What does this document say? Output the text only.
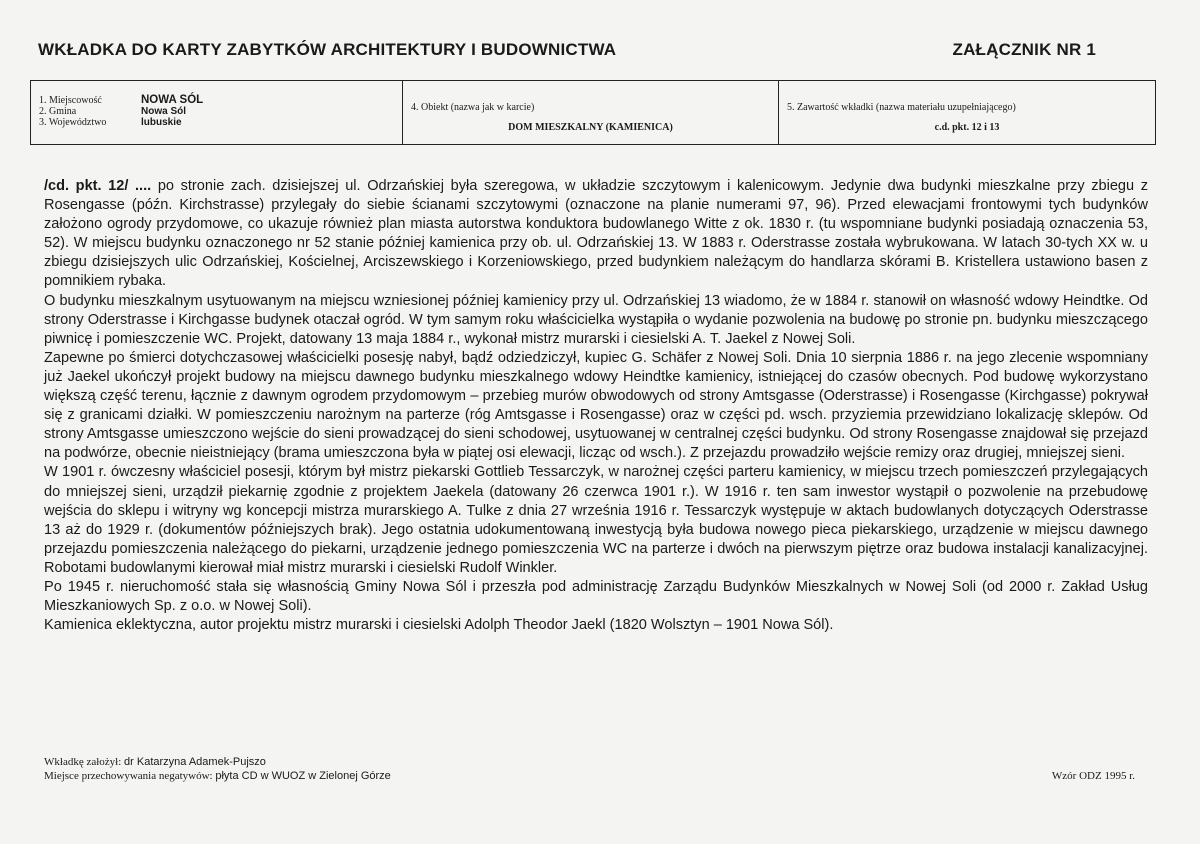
WKŁADKA DO KARTY ZABYTKÓW ARCHITEKTURY I BUDOWNICTWA	ZAŁĄCZNIK NR 1
1. Miejscowość	NOWA SÓL
2. Gmina	Nowa Sól
3. Województwo	lubuskie
4. Obiekt (nazwa jak w karcie)
DOM MIESZKALNY (KAMIENICA)
5. Zawartość wkładki (nazwa materiału uzupełniającego)
c.d. pkt. 12 i 13

/cd. pkt. 12/ .... po stronie zach. dzisiejszej ul. Odrzańskiej była szeregowa, w układzie szczytowym i kalenicowym. Jedynie dwa budynki mieszkalne przy zbiegu z Rosengasse (późn. Kirchstrasse) przylegały do siebie ścianami szczytowymi (oznaczone na planie numerami 97, 96). Przed elewacjami frontowymi tych budynków założono ogrody przydomowe, co ukazuje również plan miasta autorstwa konduktora budowlanego Witte z ok. 1830 r. (tu wspomniane budynki posiadają oznaczenia 53, 52). W miejscu budynku oznaczonego nr 52 stanie później kamienica przy ob. ul. Odrzańskiej 13. W 1883 r. Oderstrasse została wybrukowana. W latach 30-tych XX w. u zbiegu dzisiejszych ulic Odrzańskiej, Kościelnej, Arciszewskiego i Korzeniowskiego, przed budynkiem należącym do handlarza skórami B. Kristellera ustawiono basen z pomnikiem rybaka.

O budynku mieszkalnym usytuowanym na miejscu wzniesionej później kamienicy przy ul. Odrzańskiej 13 wiadomo, że w 1884 r. stanowił on własność wdowy Heindtke. Od strony Oderstrasse i Kirchgasse budynek otaczał ogród. W tym samym roku właścicielka wystąpiła o wydanie pozwolenia na budowę po stronie pn. budynku mieszczącego piwnicę i pomieszczenie WC. Projekt, datowany 13 maja 1884 r., wykonał mistrz murarski i ciesielski A. T. Jaekel z Nowej Soli.

Zapewne po śmierci dotychczasowej właścicielki posesję nabył, bądź odziedziczył, kupiec G. Schäfer z Nowej Soli. Dnia 10 sierpnia 1886 r. na jego zlecenie wspomniany już Jaekel ukończył projekt budowy na miejscu dawnego budynku mieszkalnego wdowy Heindtke kamienicy, istniejącej do czasów obecnych. Pod budowę wykorzystano większą część terenu, łącznie z dawnym ogrodem przydomowym – przebieg murów obwodowych od strony Amtsgasse (Oderstrasse) i Rosengasse (Kirchgasse) pokrywał się z granicami działki. W pomieszczeniu narożnym na parterze (róg Amtsgasse i Rosengasse) oraz w części pd. wsch. przyziemia przewidziano lokalizację sklepów. Od strony Amtsgasse umieszczono wejście do sieni prowadzącej do sieni schodowej, usytuowanej w centralnej części budynku. Od strony Rosengasse znajdował się przejazd na podwórze, obecnie nieistniejący (brama umieszczona była w piątej osi elewacji, licząc od wsch.). Z przejazdu prowadziło wejście remizy oraz drugiej, mniejszej sieni.

W 1901 r. ówczesny właściciel posesji, którym był mistrz piekarski Gottlieb Tessarczyk, w narożnej części parteru kamienicy, w miejscu trzech pomieszczeń przylegających do mniejszej sieni, urządził piekarnię zgodnie z projektem Jaekela (datowany 26 czerwca 1901 r.). W 1916 r. ten sam inwestor wystąpił o pozwolenie na przebudowę wejścia do sklepu i witryny wg koncepcji mistrza murarskiego A. Tulke z dnia 27 września 1916 r. Tessarczyk występuje w aktach budowlanych dotyczących Oderstrasse 13 aż do 1929 r. (dokumentów późniejszych brak). Jego ostatnia udokumentowaną inwestycją była budowa nowego pieca piekarskiego, urządzenie w miejscu dawnego przejazdu pomieszczenia należącego do piekarni, urządzenie jednego pomieszczenia WC na parterze i dwóch na pierwszym piętrze oraz budowa instalacji kanalizacyjnej. Robotami budowlanymi kierował miał mistrz murarski i ciesielski Rudolf Winkler.

Po 1945 r. nieruchomość stała się własnością Gminy Nowa Sól i przeszła pod administrację Zarządu Budynków Mieszkalnych w Nowej Soli (od 2000 r. Zakład Usług Mieszkaniowych Sp. z o.o. w Nowej Soli).

Kamienica eklektyczna, autor projektu mistrz murarski i ciesielski Adolph Theodor Jaekl (1820 Wolsztyn – 1901 Nowa Sól).

Wkładkę założył: dr Katarzyna Adamek-Pujszo
Miejsce przechowywania negatywów: płyta CD w WUOZ w Zielonej Górze	Wzór ODZ 1995 r.
